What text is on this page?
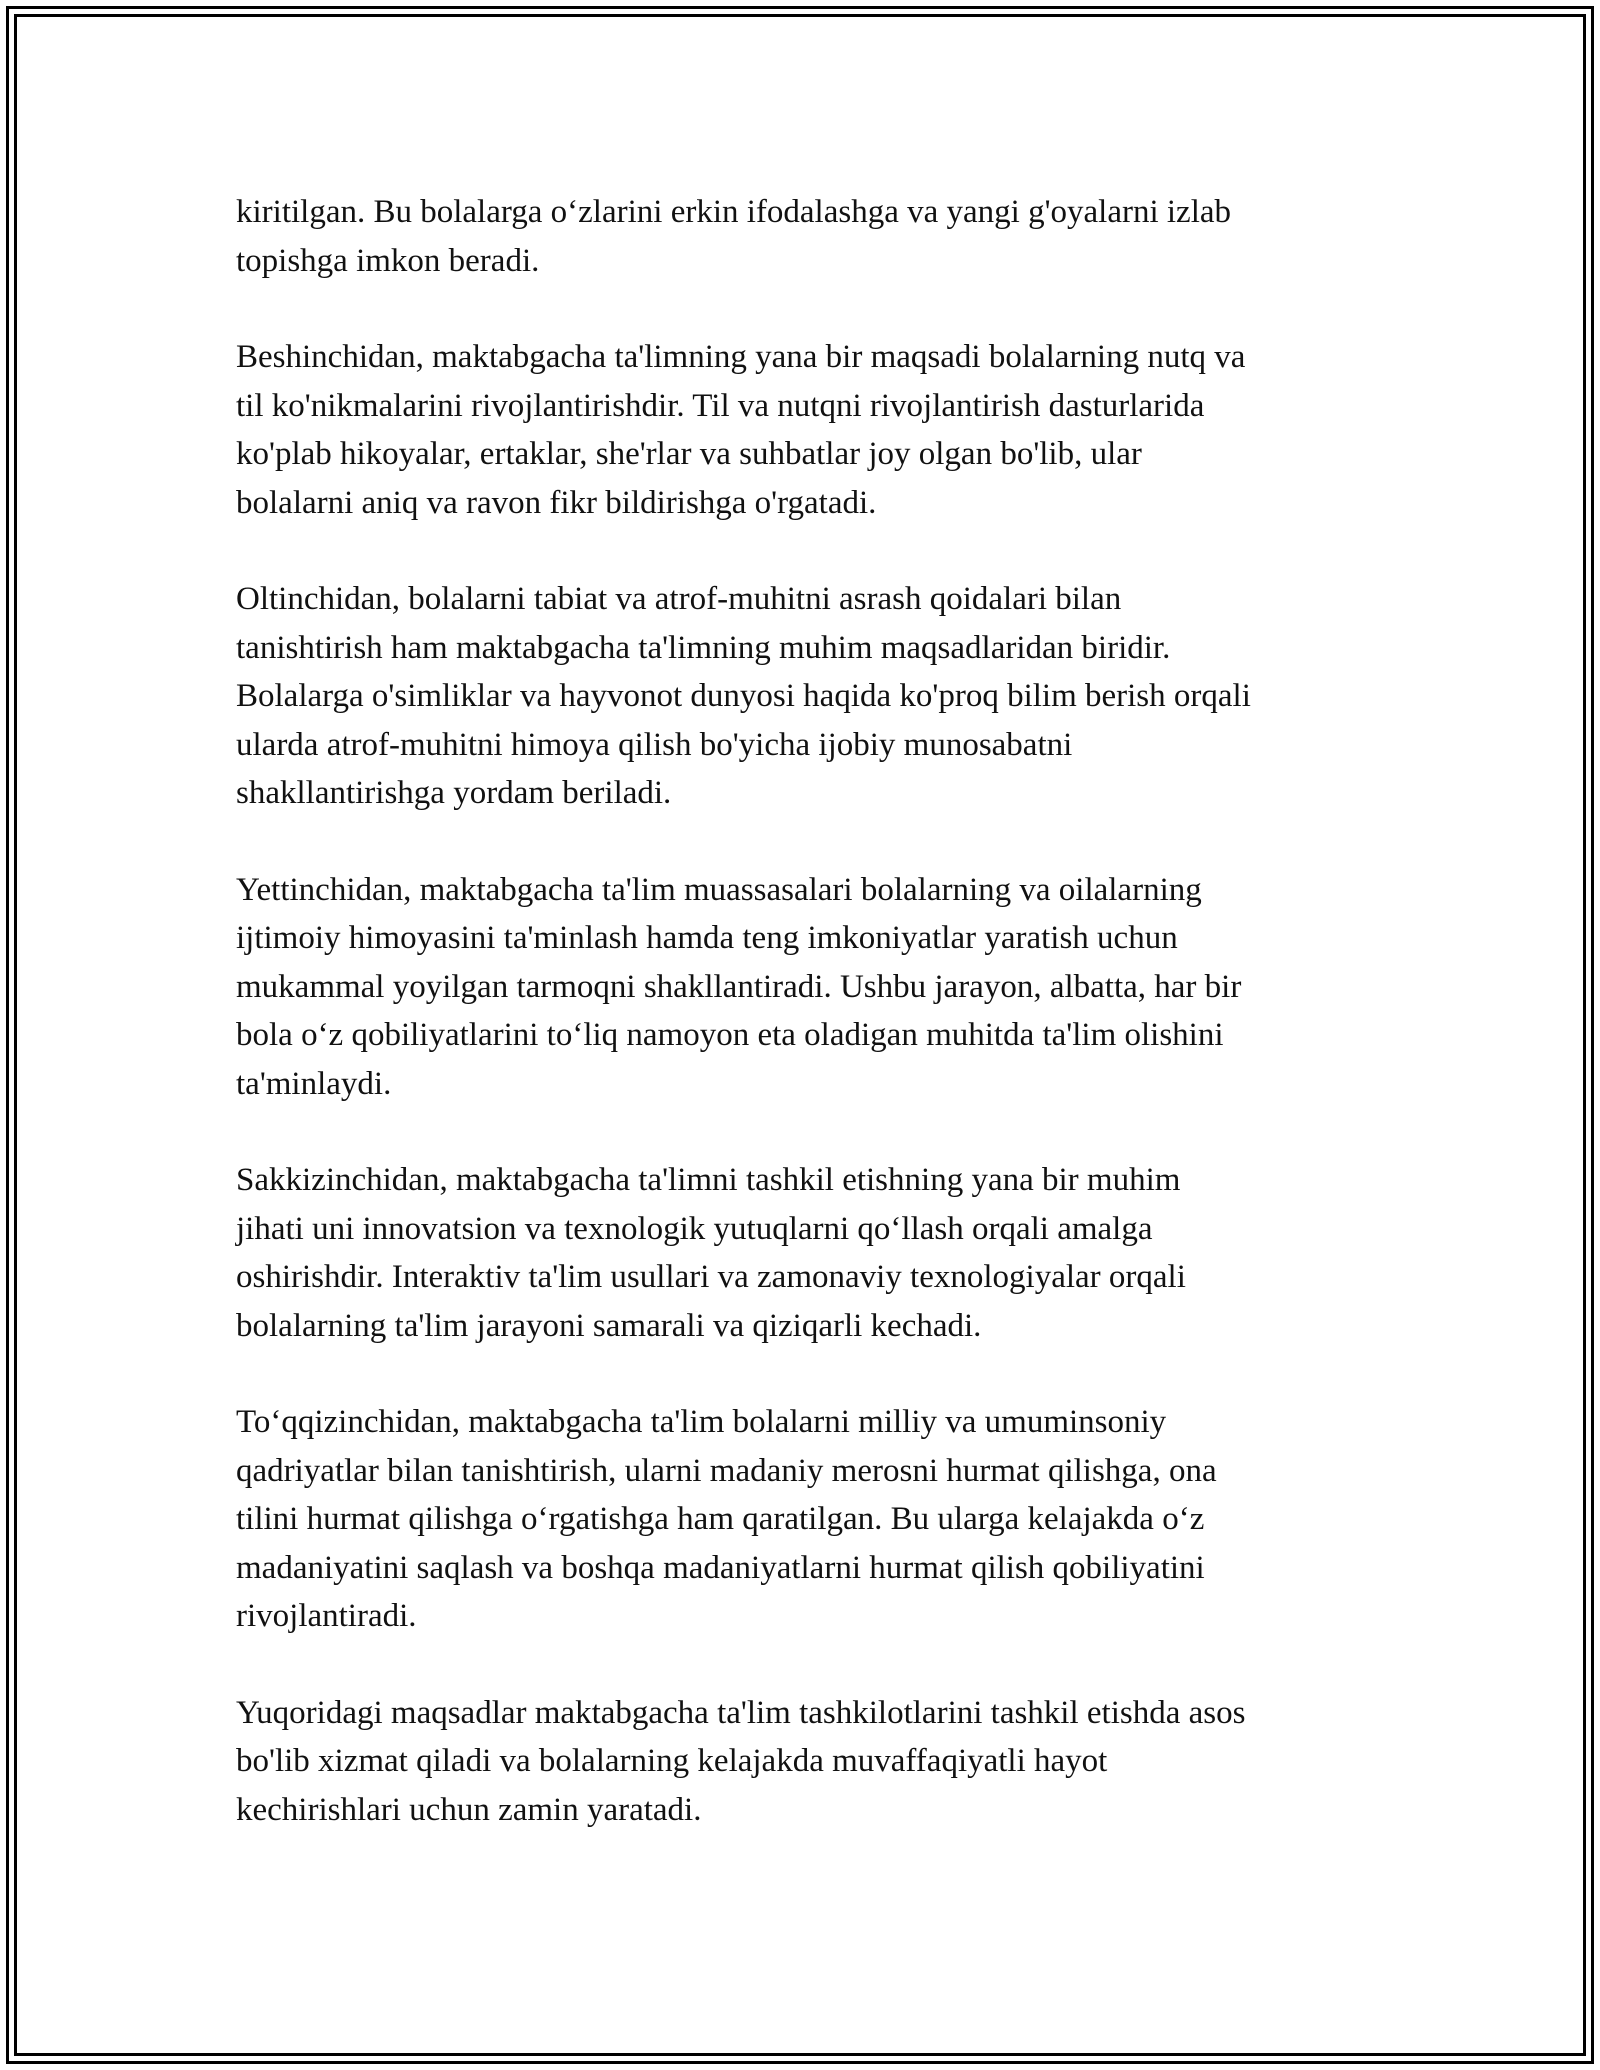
kiritilgan. Bu bolalarga o‘zlarini erkin ifodalashga va yangi g'oyalarni izlab
topishga imkon beradi.

Beshinchidan, maktabgacha ta'limning yana bir maqsadi bolalarning nutq va
til ko'nikmalarini rivojlantirishdir. Til va nutqni rivojlantirish dasturlarida
ko'plab hikoyalar, ertaklar, she'rlar va suhbatlar joy olgan bo'lib, ular
bolalarni aniq va ravon fikr bildirishga o'rgatadi.

Oltinchidan, bolalarni tabiat va atrof-muhitni asrash qoidalari bilan
tanishtirish ham maktabgacha ta'limning muhim maqsadlaridan biridir.
Bolalarga o'simliklar va hayvonot dunyosi haqida ko'proq bilim berish orqali
ularda atrof-muhitni himoya qilish bo'yicha ijobiy munosabatni
shakllantirishga yordam beriladi.

Yettinchidan, maktabgacha ta'lim muassasalari bolalarning va oilalarning
ijtimoiy himoyasini ta'minlash hamda teng imkoniyatlar yaratish uchun
mukammal yoyilgan tarmoqni shakllantiradi. Ushbu jarayon, albatta, har bir
bola o‘z qobiliyatlarini to‘liq namoyon eta oladigan muhitda ta'lim olishini
ta'minlaydi.

Sakkizinchidan, maktabgacha ta'limni tashkil etishning yana bir muhim
jihati uni innovatsion va texnologik yutuqlarni qo‘llash orqali amalga
oshirishdir. Interaktiv ta'lim usullari va zamonaviy texnologiyalar orqali
bolalarning ta'lim jarayoni samarali va qiziqarli kechadi.

To‘qqizinchidan, maktabgacha ta'lim bolalarni milliy va umuminsoniy
qadriyatlar bilan tanishtirish, ularni madaniy merosni hurmat qilishga, ona
tilini hurmat qilishga o‘rgatishga ham qaratilgan. Bu ularga kelajakda o‘z
madaniyatini saqlash va boshqa madaniyatlarni hurmat qilish qobiliyatini
rivojlantiradi.

Yuqoridagi maqsadlar maktabgacha ta'lim tashkilotlarini tashkil etishda asos
bo'lib xizmat qiladi va bolalarning kelajakda muvaffaqiyatli hayot
kechirishlari uchun zamin yaratadi.
